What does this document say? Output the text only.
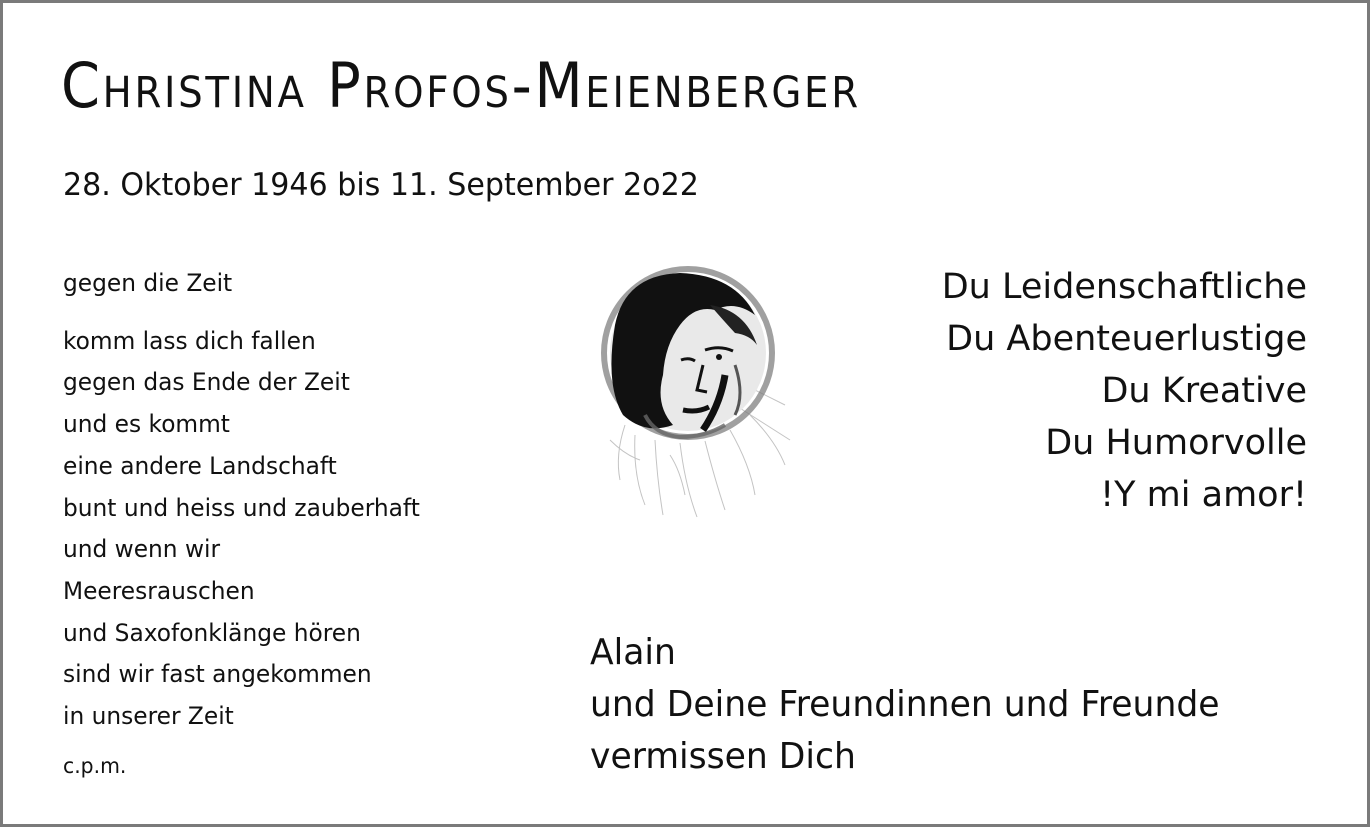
Christina Profos-Meienberger
28. Oktober 1946 bis 11. September 2o22
gegen die Zeit
komm lass dich fallen
gegen das Ende der Zeit
und es kommt
eine andere Landschaft
bunt und heiss und zauberhaft
und wenn wir
Meeresrauschen
und Saxofonklänge hören
sind wir fast angekommen
in unserer Zeit
c.p.m.
Du Leidenschaftliche
Du Abenteuerlustige
Du Kreative
Du Humorvolle
!Y mi amor!
Alain
und Deine Freundinnen und Freunde
vermissen Dich
